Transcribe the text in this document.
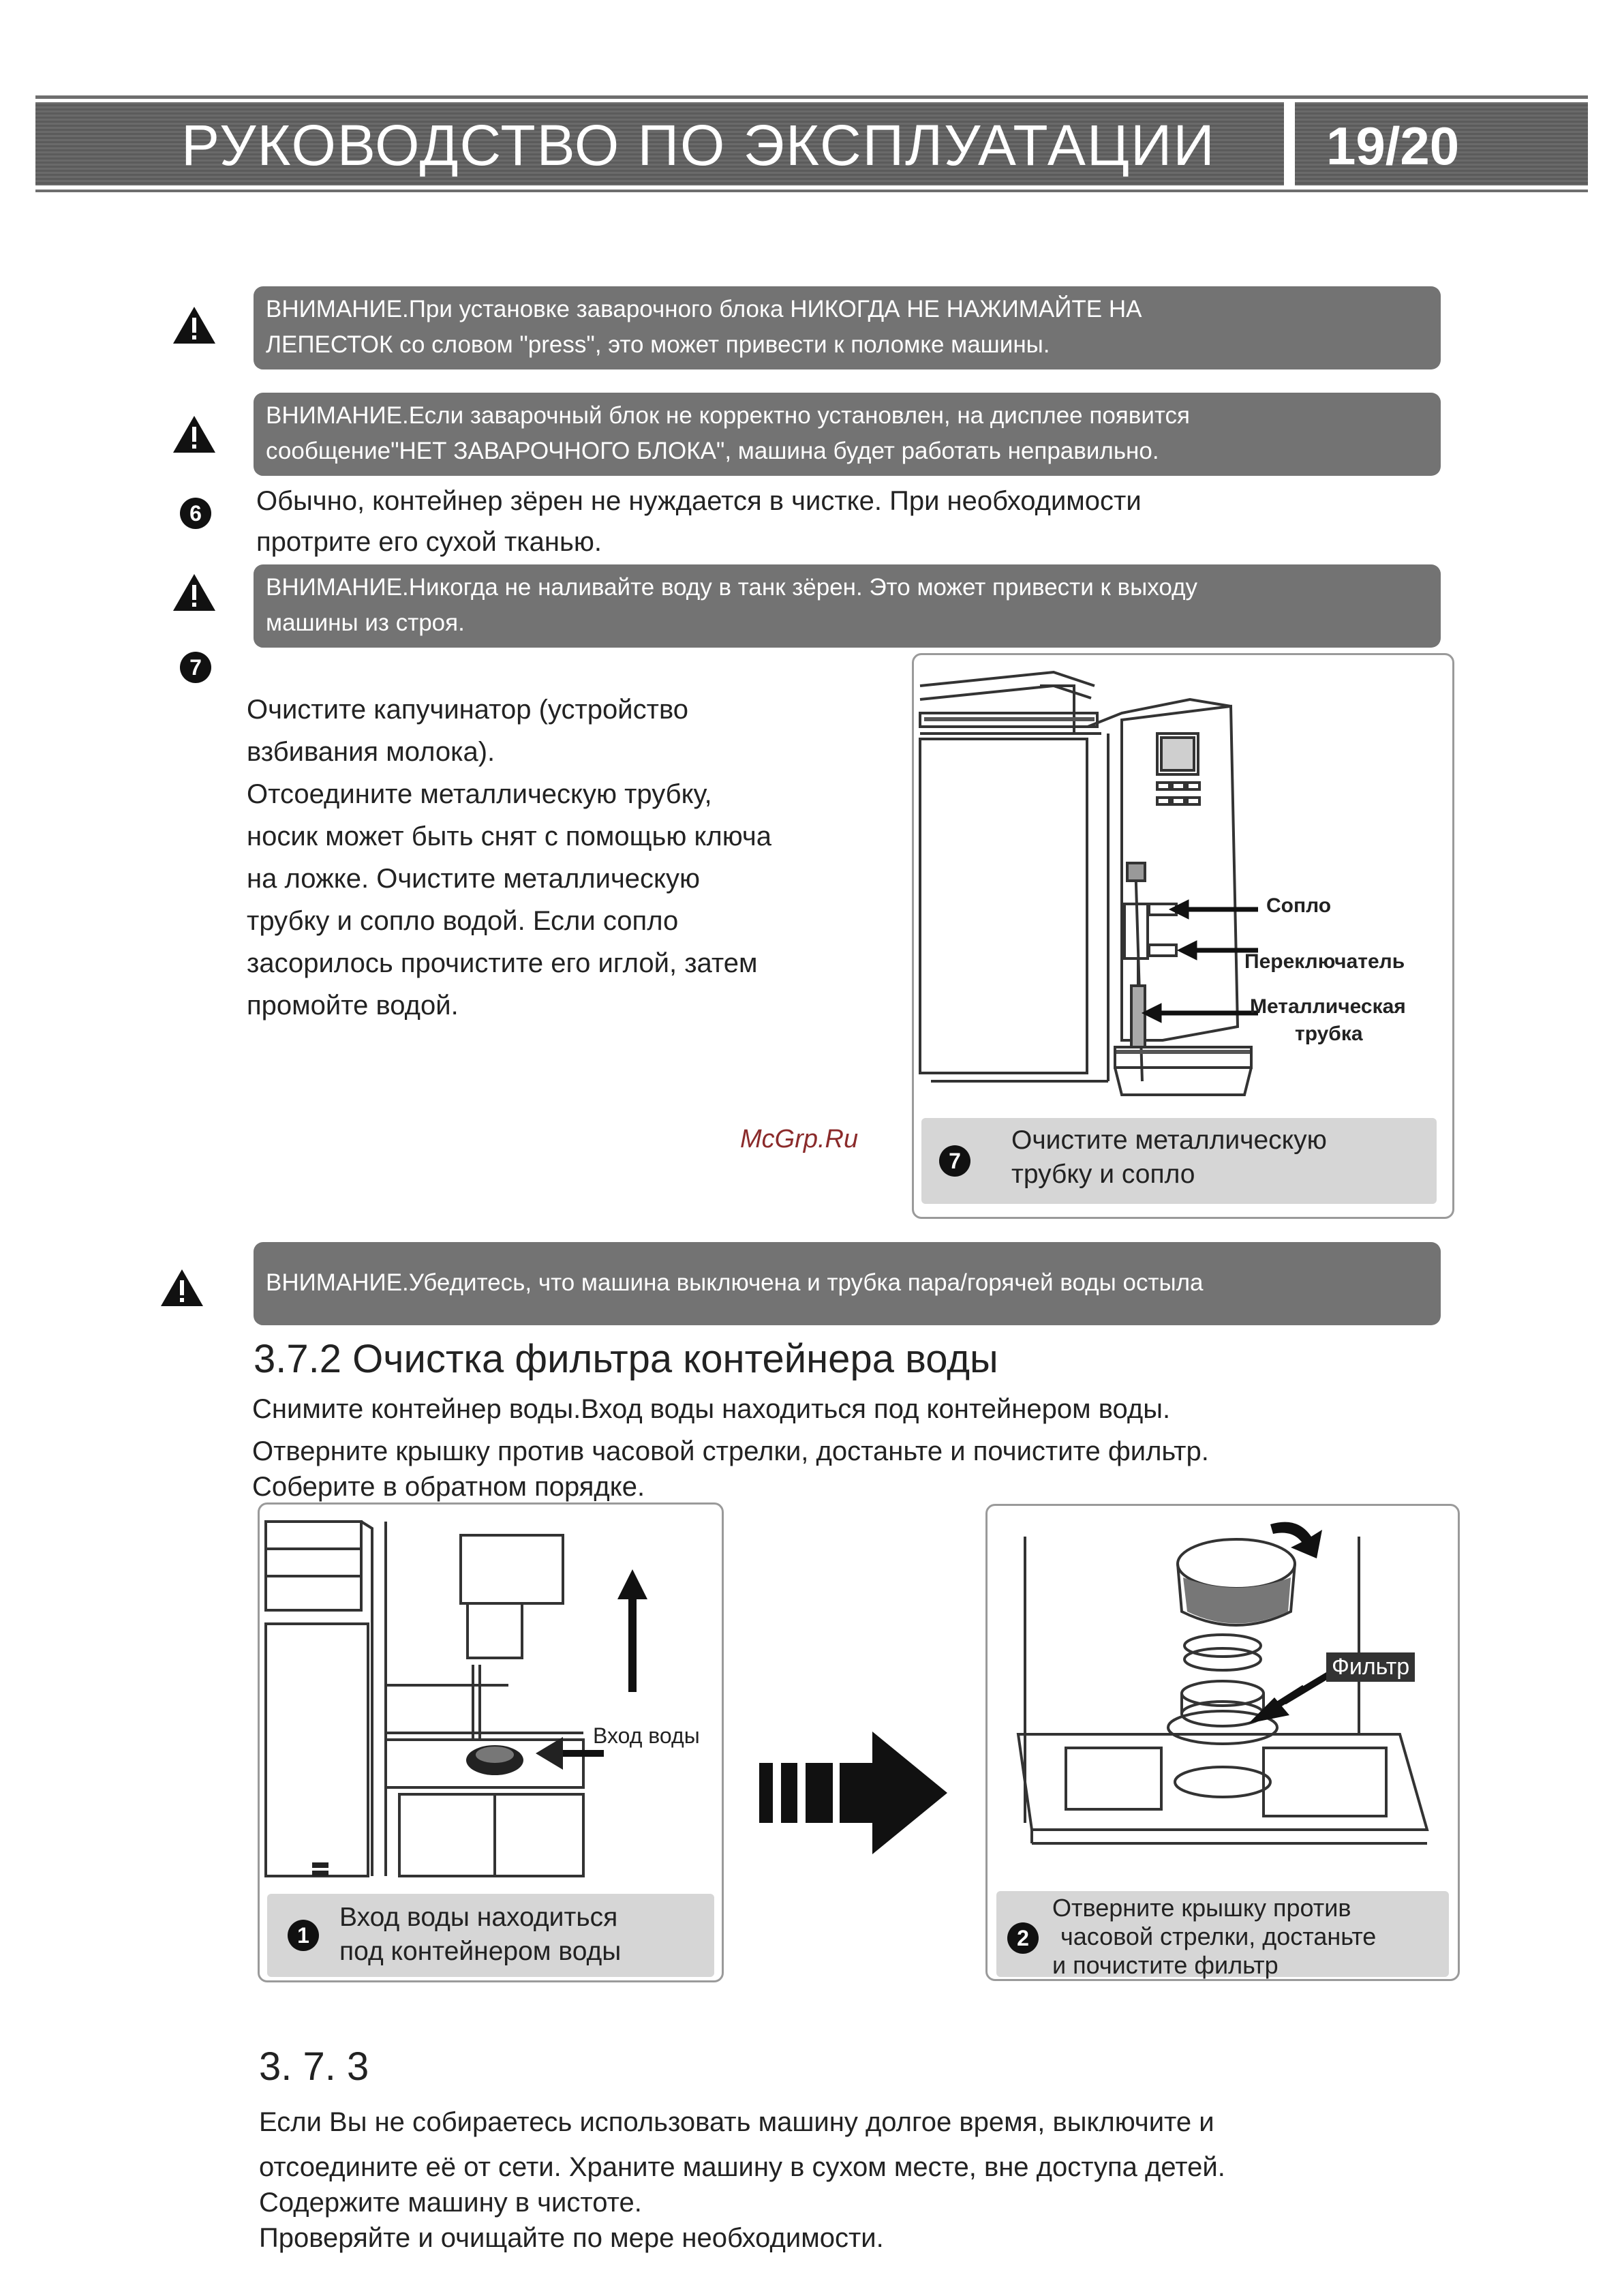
РУКОВОДСТВО ПО ЭКСПЛУАТАЦИИ 19/20
ВНИМАНИЕ.При установке заварочного блока НИКОГДА НЕ НАЖИМАЙТЕ НА
ЛЕПЕСТОК со словом "press", это может привести к поломке машины.
ВНИМАНИЕ.Если заварочный блок не корректно установлен, на дисплее появится
сообщение"НЕТ ЗАВАРОЧНОГО БЛОКА", машина будет работать неправильно.
6	Обычно, контейнер зёрен не нуждается в чистке. При необходимости
протрите его сухой тканью.
ВНИМАНИЕ.Никогда не наливайте воду в танк зёрен. Это может привести к выходу
машины из строя.
7
Очистите капучинатор (устройство
взбивания молока).
Отсоедините металлическую трубку,
носик может быть снят с помощью ключа
на ложке. Очистите металлическую
трубку и сопло водой. Если сопло
засорилось прочистите его иглой, затем
промойте водой.
Сопло
Переключатель
Металлическая
трубка
7
Очистите металлическую
трубку и сопло
McGrp.Ru
ВНИМАНИЕ.Убедитесь, что машина выключена и трубка пара/горячей воды остыла
3.7.2 Очистка фильтра контейнера воды
Снимите контейнер воды.Вход воды находиться под контейнером воды.
Отверните крышку против часовой стрелки, достаньте и почистите фильтр.
Соберите в обратном порядке.
Вход воды
1
Вход воды находиться
под контейнером воды
Фильтр
2
Отверните крышку против
часовой стрелки, достаньте
и почистите фильтр
3. 7. 3
Если Вы не собираетесь использовать машину долгое время, выключите и
отсоедините её от сети. Храните машину в сухом месте, вне доступа детей.
Содержите машину в чистоте.
Проверяйте и очищайте по мере необходимости.
